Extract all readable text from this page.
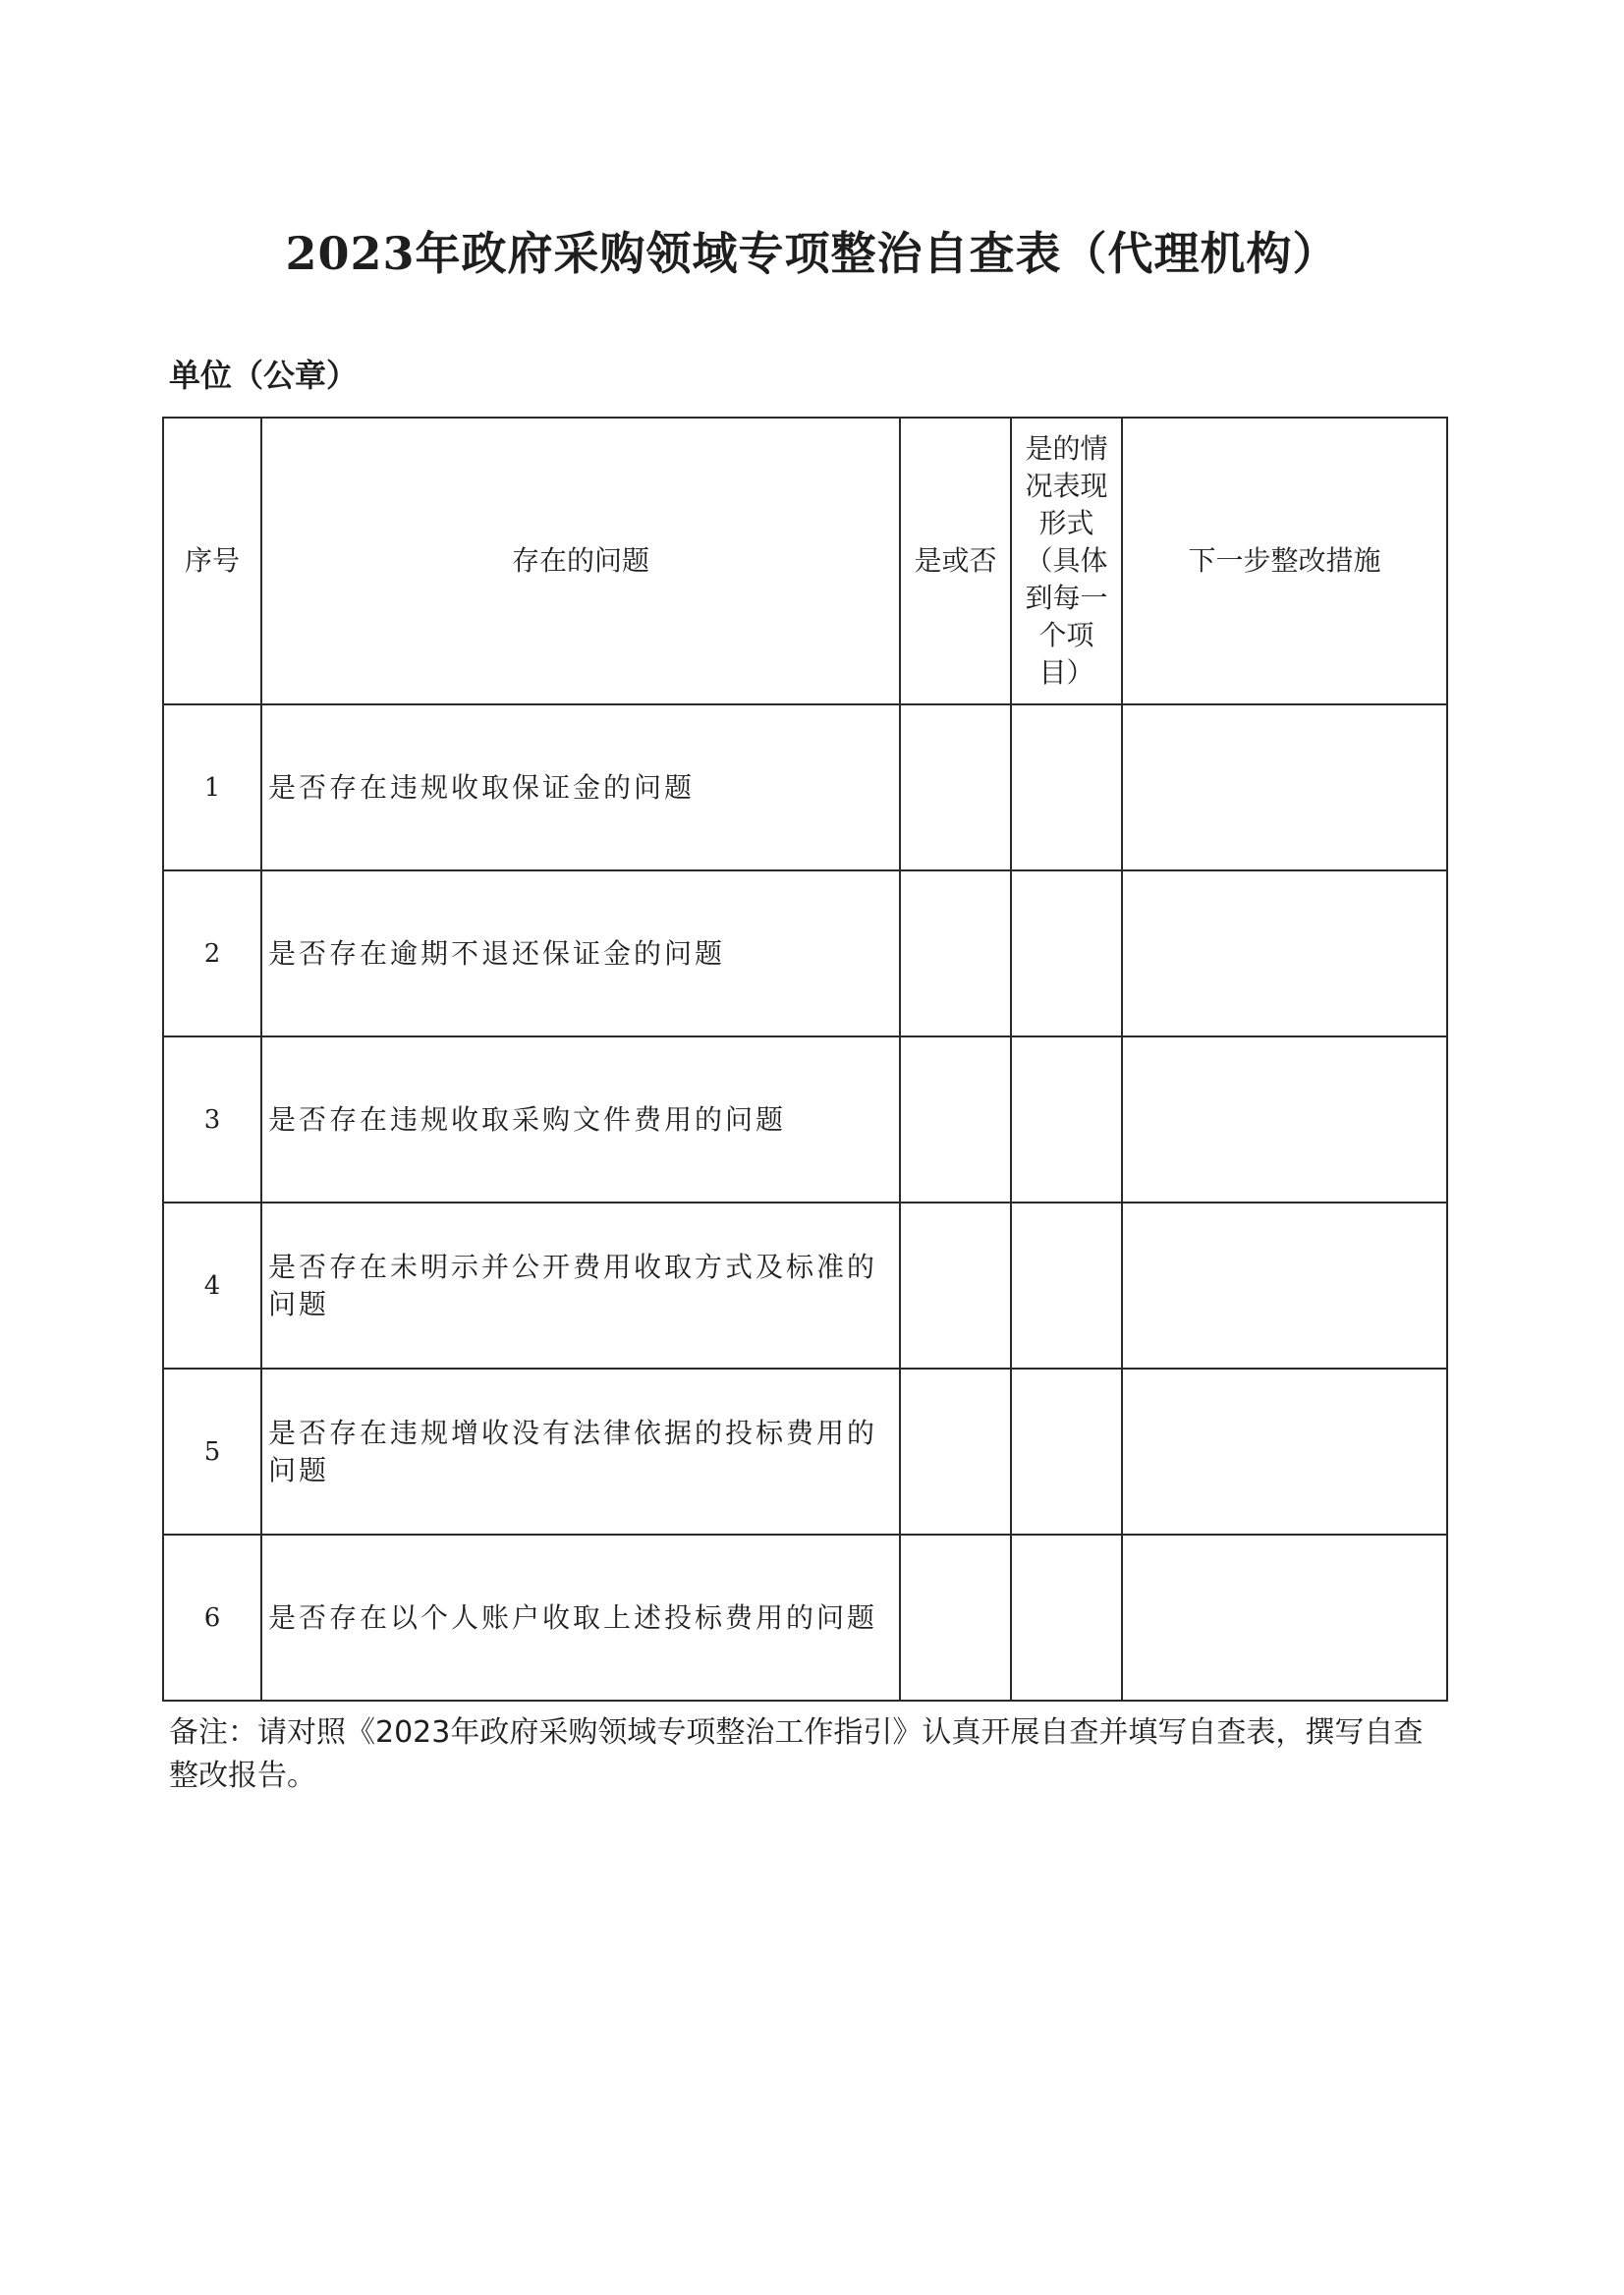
2023年政府采购领域专项整治自查表（代理机构）
单位（公章）
序号	存在的问题	是或否	是的情况表现形式（具体到每一个项目）	下一步整改措施

1	是否存在违规收取保证金的问题			
2	是否存在逾期不退还保证金的问题			
3	是否存在违规收取采购文件费用的问题			
4	是否存在未明示并公开费用收取方式及标准的问题			
5	是否存在违规增收没有法律依据的投标费用的问题			
6	是否存在以个人账户收取上述投标费用的问题			
备注：请对照《2023年政府采购领域专项整治工作指引》认真开展自查并填写自查表，撰写自查整改报告。
